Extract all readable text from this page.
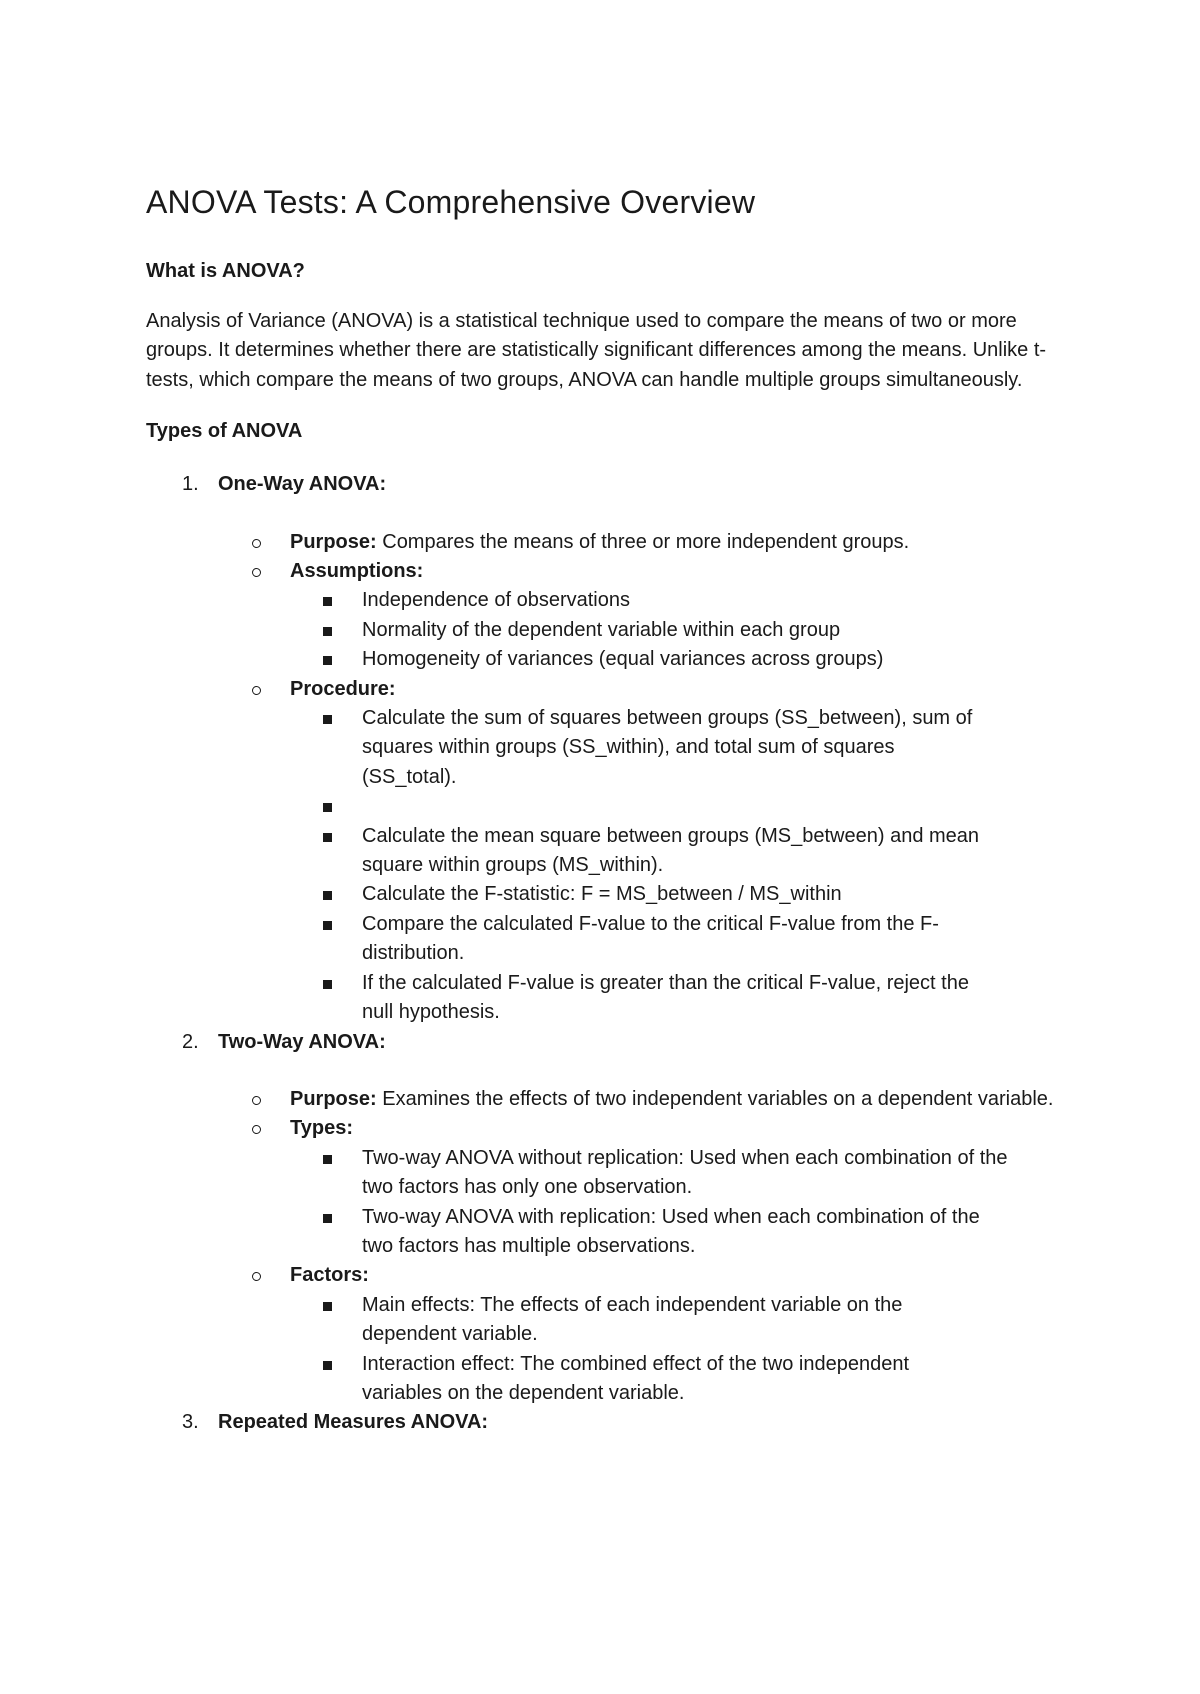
ANOVA Tests: A Comprehensive Overview
What is ANOVA?

Analysis of Variance (ANOVA) is a statistical technique used to compare the means of two or more groups. It determines whether there are statistically significant differences among the means. Unlike t-tests, which compare the means of two groups, ANOVA can handle multiple groups simultaneously.

Types of ANOVA
1. One-Way ANOVA:
Purpose: Compares the means of three or more independent groups.
Assumptions:
Independence of observations
Normality of the dependent variable within each group
Homogeneity of variances (equal variances across groups)
Procedure:
Calculate the sum of squares between groups (SS_between), sum of squares within groups (SS_within), and total sum of squares (SS_total).
Calculate the mean square between groups (MS_between) and mean square within groups (MS_within).
Calculate the F-statistic: F = MS_between / MS_within
Compare the calculated F-value to the critical F-value from the F-distribution.
If the calculated F-value is greater than the critical F-value, reject the null hypothesis.
2. Two-Way ANOVA:
Purpose: Examines the effects of two independent variables on a dependent variable.
Types:
Two-way ANOVA without replication: Used when each combination of the two factors has only one observation.
Two-way ANOVA with replication: Used when each combination of the two factors has multiple observations.
Factors:
Main effects: The effects of each independent variable on the dependent variable.
Interaction effect: The combined effect of the two independent variables on the dependent variable.
3. Repeated Measures ANOVA:
